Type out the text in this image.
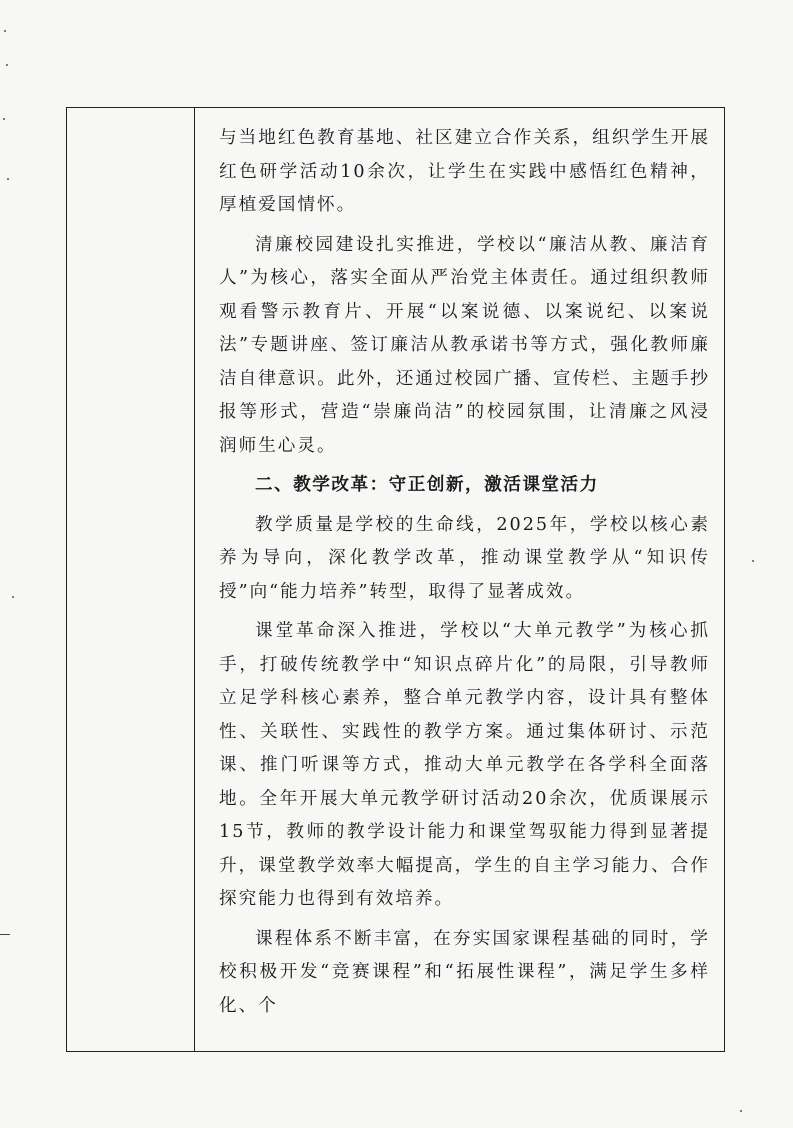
与当地红色教育基地、社区建立合作关系，组织学生开展红色研学活动10余次，让学生在实践中感悟红色精神，厚植爱国情怀。

清廉校园建设扎实推进，学校以“廉洁从教、廉洁育人”为核心，落实全面从严治党主体责任。通过组织教师观看警示教育片、开展“以案说德、以案说纪、以案说法”专题讲座、签订廉洁从教承诺书等方式，强化教师廉洁自律意识。此外，还通过校园广播、宣传栏、主题手抄报等形式，营造“崇廉尚洁”的校园氛围，让清廉之风浸润师生心灵。

二、教学改革：守正创新，激活课堂活力

教学质量是学校的生命线，2025年，学校以核心素养为导向，深化教学改革，推动课堂教学从“知识传授”向“能力培养”转型，取得了显著成效。

课堂革命深入推进，学校以“大单元教学”为核心抓手，打破传统教学中“知识点碎片化”的局限，引导教师立足学科核心素养，整合单元教学内容，设计具有整体性、关联性、实践性的教学方案。通过集体研讨、示范课、推门听课等方式，推动大单元教学在各学科全面落地。全年开展大单元教学研讨活动20余次，优质课展示15节，教师的教学设计能力和课堂驾驭能力得到显著提升，课堂教学效率大幅提高，学生的自主学习能力、合作探究能力也得到有效培养。

课程体系不断丰富，在夯实国家课程基础的同时，学校积极开发“竞赛课程”和“拓展性课程”，满足学生多样化、个
